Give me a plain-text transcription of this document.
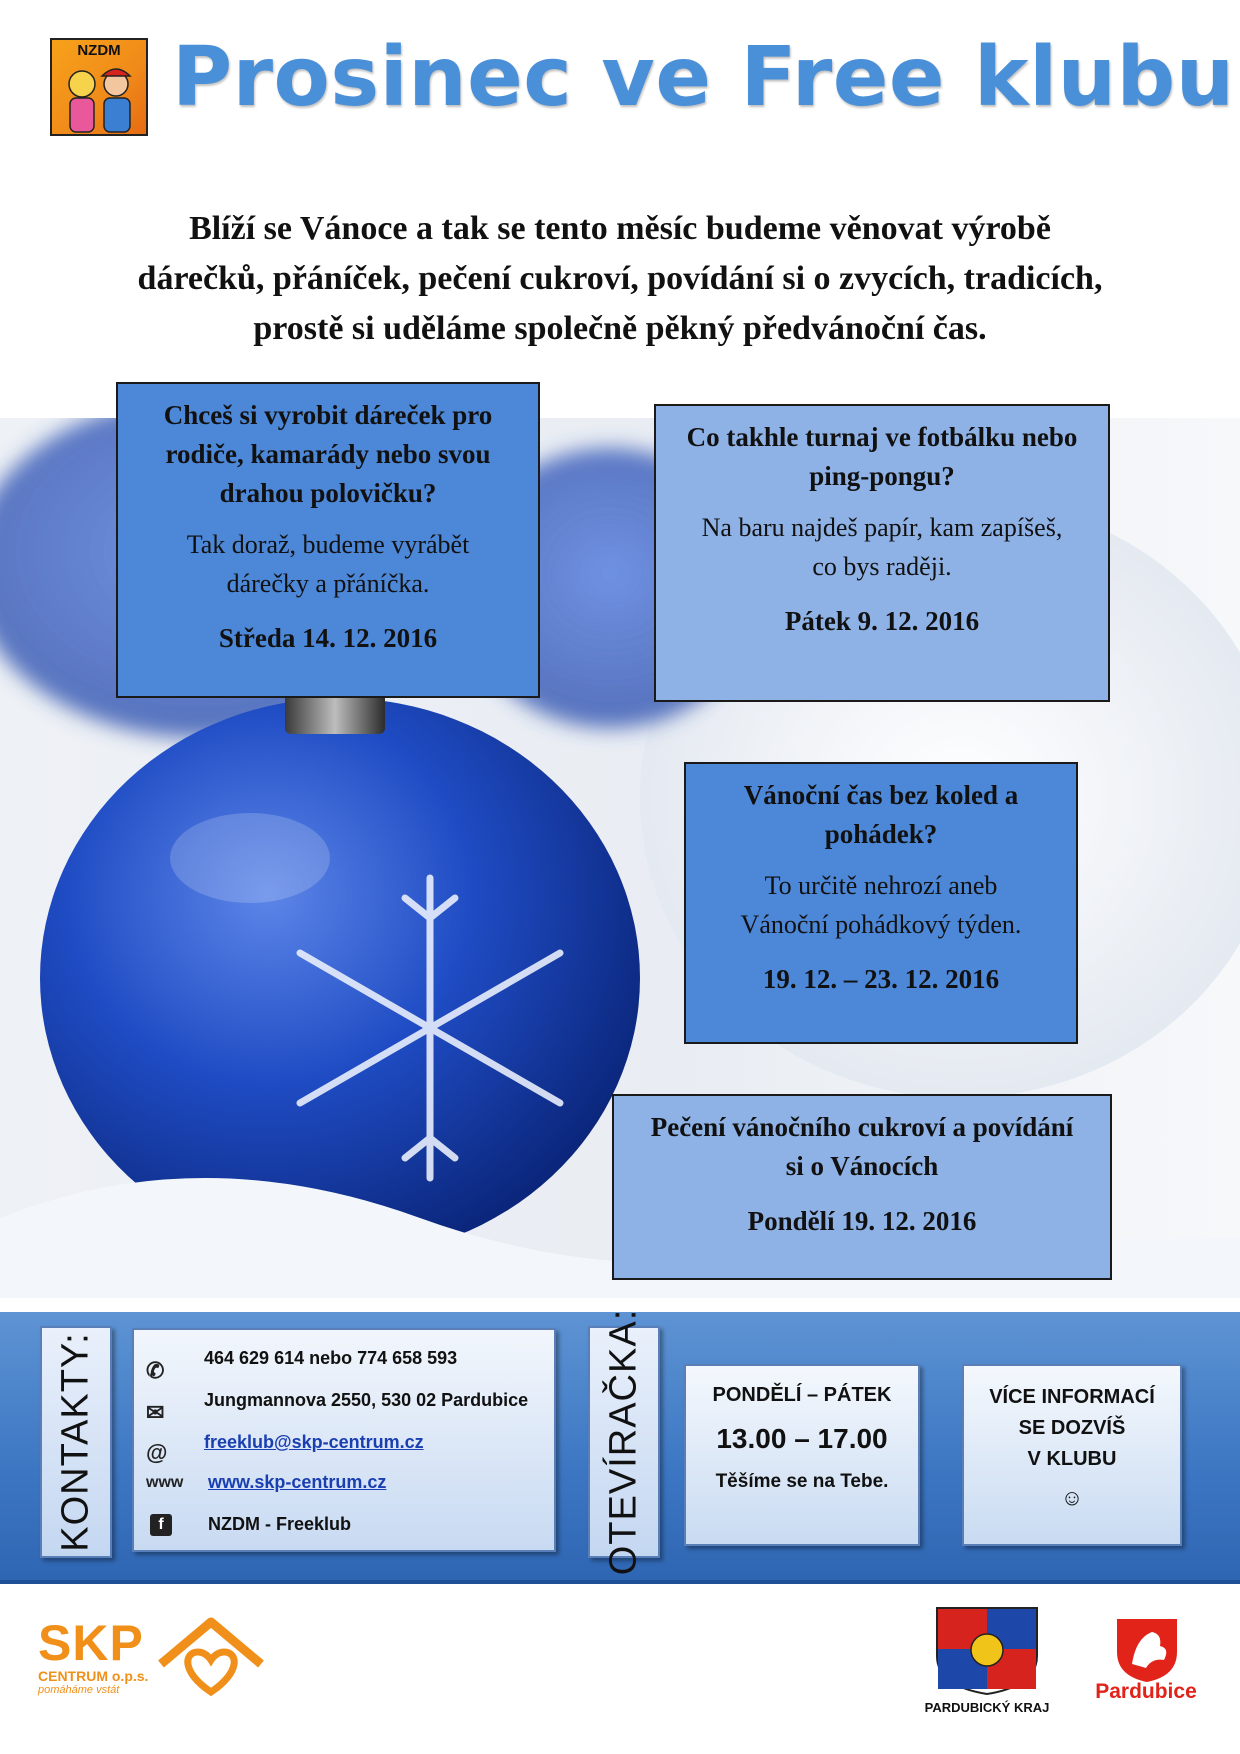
NZDM Prosinec ve Free klubu
Blíží se Vánoce a tak se tento měsíc budeme věnovat výrobě
dárečků, přáníček, pečení cukroví, povídání si o zvycích, tradicích,
prostě si uděláme společně pěkný předvánoční čas.
Chceš si vyrobit dáreček pro
rodiče, kamarády nebo svou
drahou polovičku?
Tak doraž, budeme vyrábět
dárečky a přáníčka.
Středa 14. 12. 2016
Co takhle turnaj ve fotbálku nebo
ping-pongu?
Na baru najdeš papír, kam zapíšeš,
co bys raději.
Pátek 9. 12. 2016
Vánoční čas bez koled a
pohádek?
To určitě nehrozí aneb
Vánoční pohádkový týden.
19. 12. – 23. 12. 2016
Pečení vánočního cukroví a povídání
si o Vánocích
Pondělí 19. 12. 2016
KONTAKTY: ✆ 464 629 614 nebo 774 658 593
✉ Jungmannova 2550, 530 02 Pardubice
@ freeklub@skp-centrum.cz
www www.skp-centrum.cz
f	NZDM - Freeklub	OTEVÍRAČKA:	PONDĚLÍ – PÁTEK
13.00 – 17.00
Těšíme se na Tebe.
VÍCE INFORMACÍ
SE DOZVÍŠ
V KLUBU
☺
SKP
CENTRUM o.p.s.
pomáháme vstát
PARDUBICKÝ KRAJ
Pardubice
